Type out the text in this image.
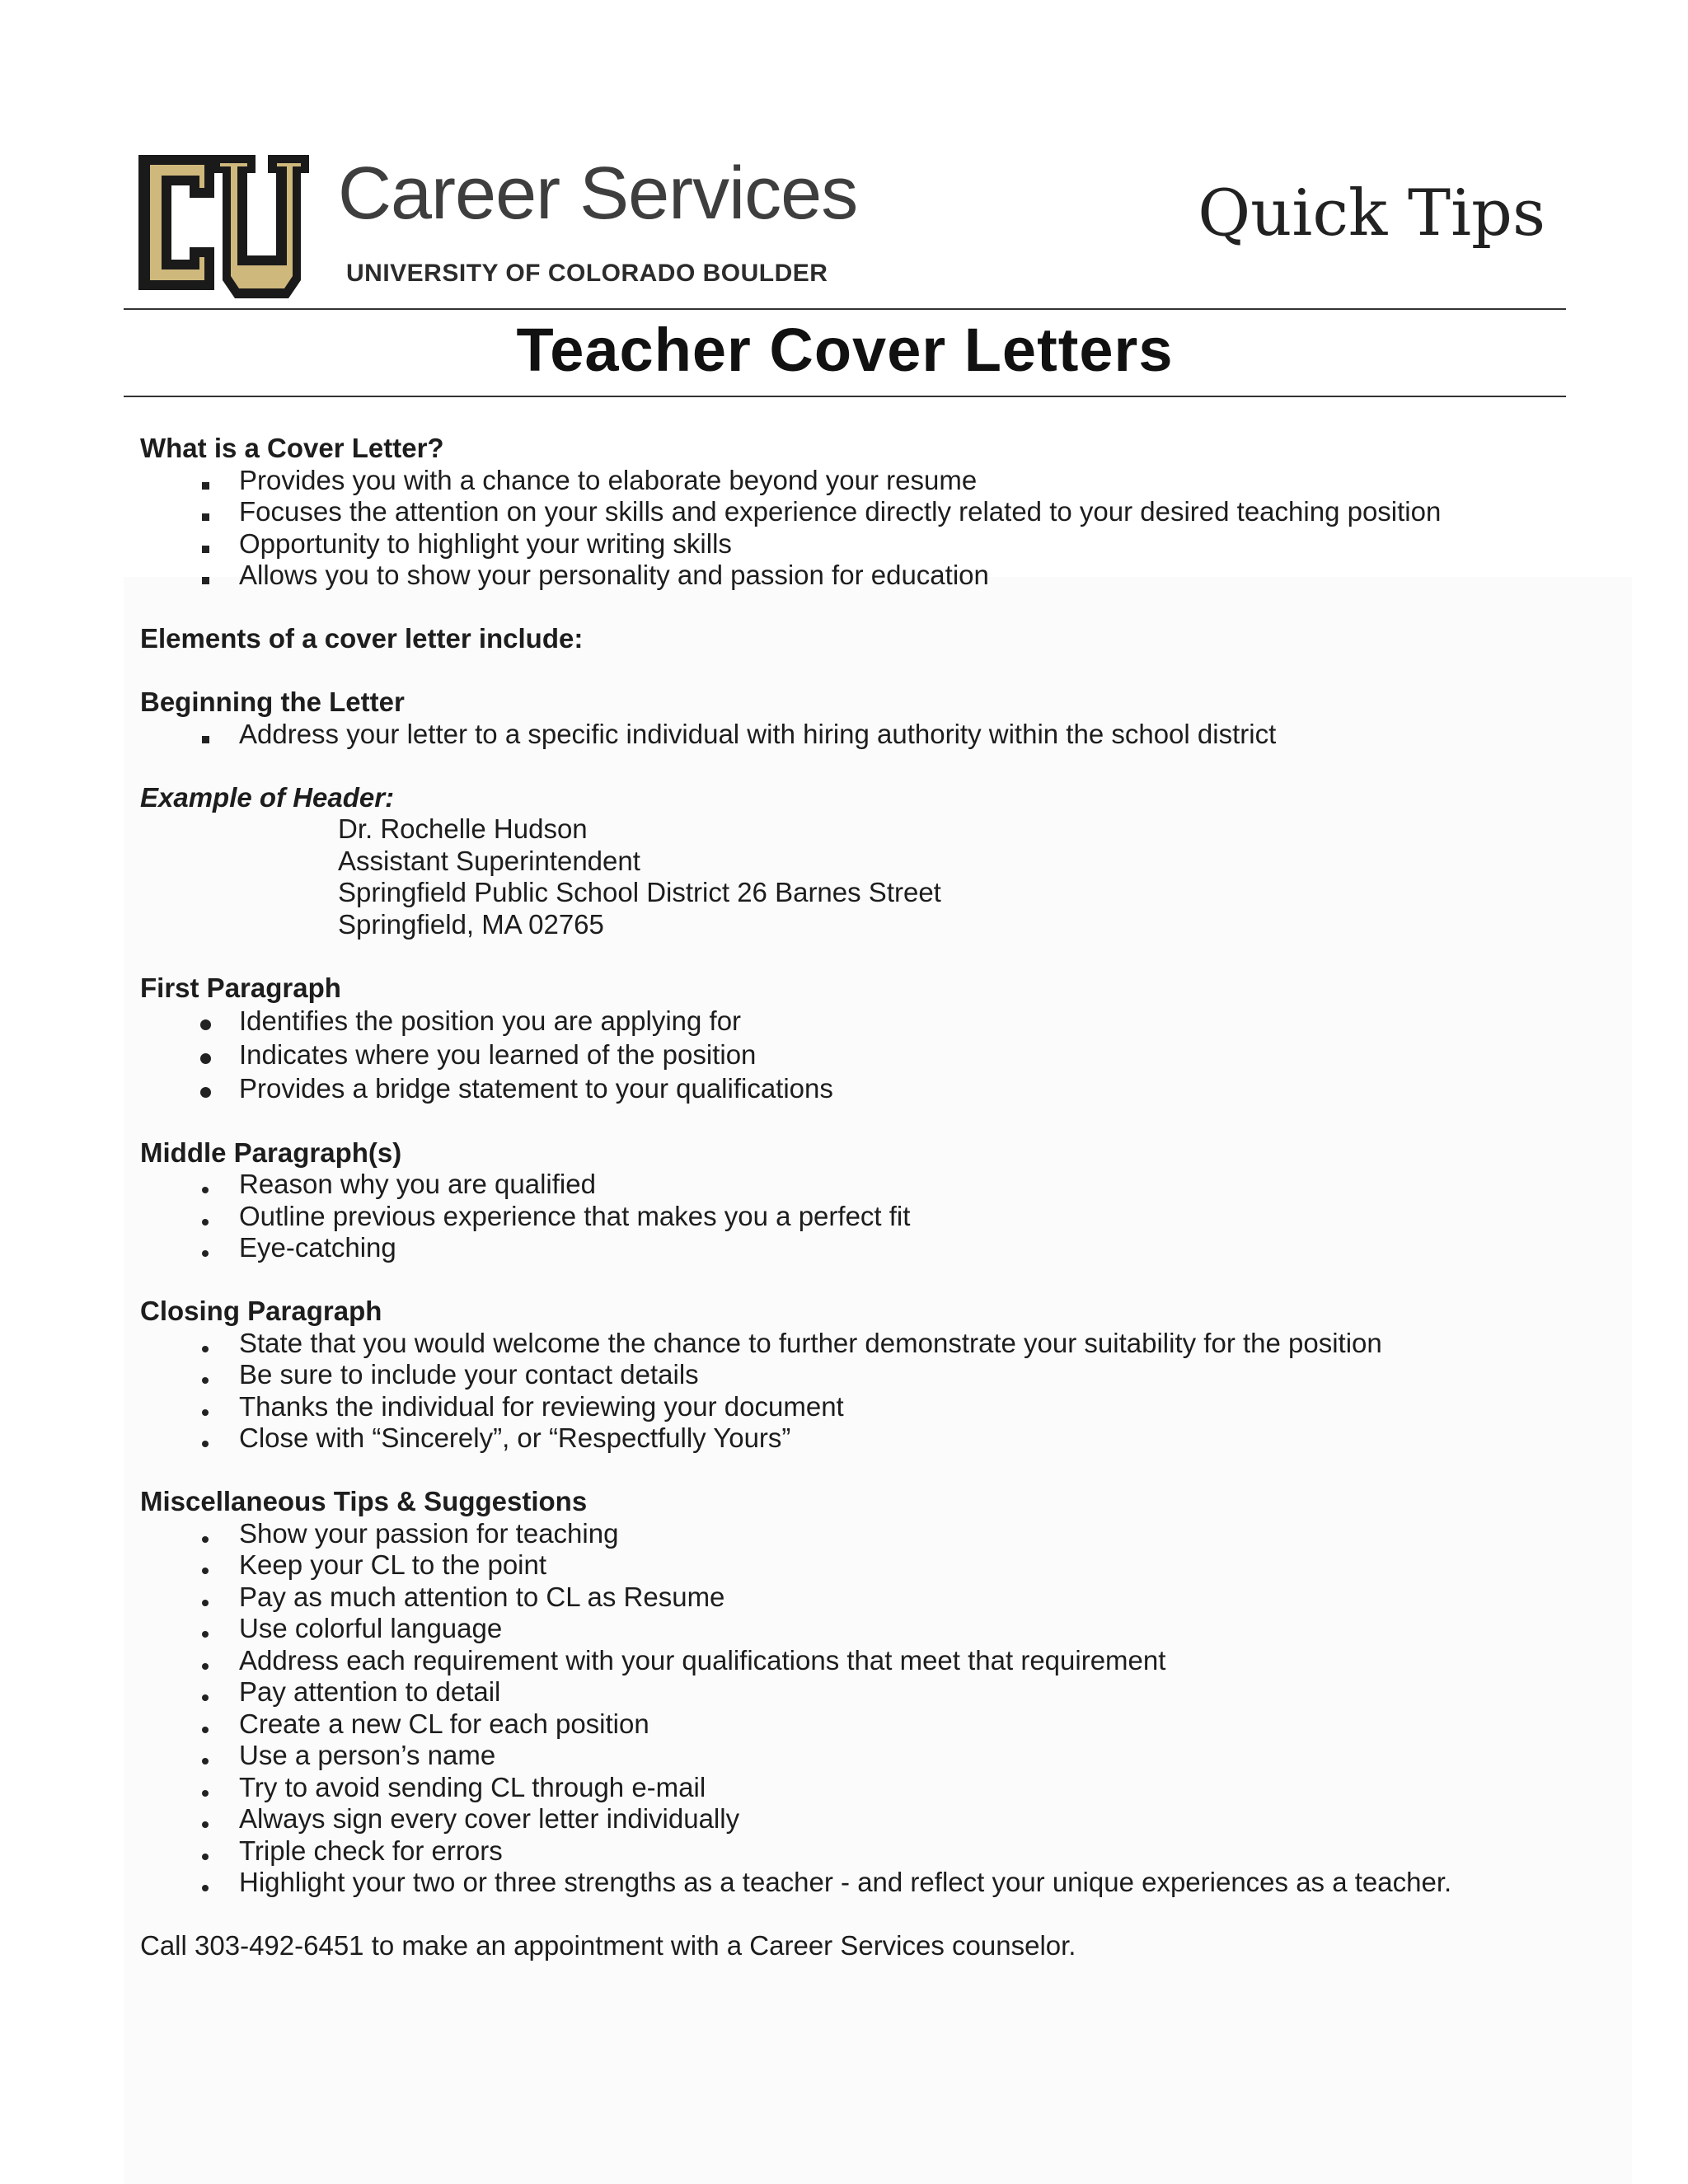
Career Services
UNIVERSITY OF COLORADO BOULDER
Quick Tips
Teacher Cover Letters

What is a Cover Letter?

Provides you with a chance to elaborate beyond your resume
Focuses the attention on your skills and experience directly related to your desired teaching position
Opportunity to highlight your writing skills
Allows you to show your personality and passion for education

Elements of a cover letter include:

Beginning the Letter

Address your letter to a specific individual with hiring authority within the school district

Example of Header:

Dr. Rochelle Hudson
Assistant Superintendent
Springfield Public School District 26 Barnes Street
Springfield, MA 02765

First Paragraph

Identifies the position you are applying for
Indicates where you learned of the position
Provides a bridge statement to your qualifications

Middle Paragraph(s)

Reason why you are qualified
Outline previous experience that makes you a perfect fit
Eye-catching

Closing Paragraph

State that you would welcome the chance to further demonstrate your suitability for the position
Be sure to include your contact details
Thanks the individual for reviewing your document
Close with “Sincerely”, or “Respectfully Yours”

Miscellaneous Tips & Suggestions

Show your passion for teaching
Keep your CL to the point
Pay as much attention to CL as Resume
Use colorful language
Address each requirement with your qualifications that meet that requirement
Pay attention to detail
Create a new CL for each position
Use a person’s name
Try to avoid sending CL through e-mail
Always sign every cover letter individually
Triple check for errors
Highlight your two or three strengths as a teacher - and reflect your unique experiences as a teacher.

Call 303-492-6451 to make an appointment with a Career Services counselor.
